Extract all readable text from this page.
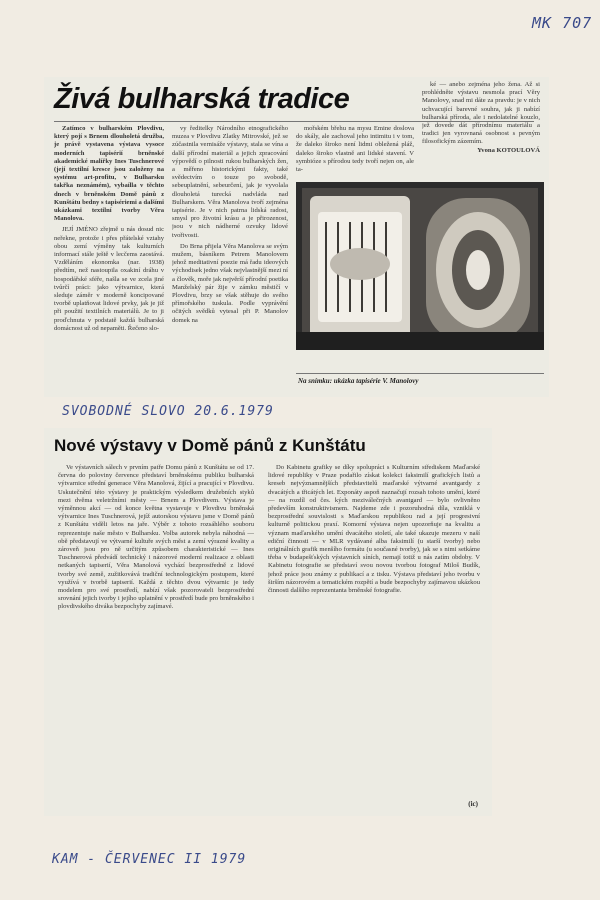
MK 707
Živá bulharská tradice

Zatímco v bulharském Plovdivu, který pojí s Brnem dlouholetá družba, je právě vystavena výstava vysoce moderních tapisérií brněnské akademické malířky Ines Tuschnerové (její textilní kresce jsou založeny na systému art-profitu, v Bulharsku takřka neznámém), vybaílla v těchto dnech v brněnském Domě pánů z Kunštátu bedny s tapisériemi a dalšími ukázkami textilní tvorby Věra Manolova.

JEJÍ JMÉNO zřejmě u nás dosud nic neřekne, protože i přes přátelské vztahy obou zemí výměny tak kulturních informací stále ještě v lecčems zaostává. Vzděláním ekonomka (nar. 1938) předtím, než nastoupila oxakiní dráhu v hospodářské sféře, našla se ve zcela jiné tvůrčí práci: jako výtvarnice, která sleduje záměr v moderně koncipované tvorbě uplatňovat lidové prvky, jak je již při použití textilních materiálů. Je to ji proďchnuta v podstatě každá bulharská domácnost už od nepaměti. Řečeno slo-

vy ředitelky Národního etnografického muzea v Plovdivu Zlatky Mitrovské, jež se zúčastnila vernisáže výstavy, stala se vína a další přírodní materiál a jejich zpracování výpovědí o pilnosti rukou bulharských žen, a měřeno historickými fakty, také svědectvím o touze po svobodě, sebeuplatnění, sebeurčení, jak je vyvolala dlouholetá turecká nadvláda nad Bulharskem. Věra Manolova tvoří zejména tapisérie. Je v nich patrna lidská radost, smysl pro životní krásu a je přirozenost, jsou v nich nádherné ozvuky lidové tvořivosti.

Do Brna přijela Věra Manolova se svým mužem, básníkem Petrem Manolovem jehož meditativní poezie má řadu ideových východisek jedno však nejvlastnější mezi ní a člověk, moře jak nejvěrší přírodní poetika Manželský pár žije v zámku městičí v Plovdivu, brzy se však stěhuje do svého přímořského tuskula. Podle vyprávění očitých svědků vytesal při P. Manolov domek na

mořském břehu na mysu Emine doslova do skály, ale zachoval jeho intimitu i v tom, že daleko široko není lidmi obležená pláž, daleko široko vlastně ani lidské stavení. V symbióze s přírodou tedy tvoří nejen on, ale ta-

ké — anebo zejména jeho žena. Až si prohlédněte výstavu nesmola prací Věry Manolovy, snad mi dáte za pravdu: je v nich uchvacující barevné souhra, jak ji nabízí bulharská příroda, ale i nedolatelné kouzlo, jež dovede dát přírodnímu materiálu a tradici jen vyrovnaná osobnost s pevným filosofickým zázemím.

Yvona KOTOULOVÁ
Na snímku: ukázka tapisérie V. Manolovy
SVOBODNÉ SLOVO 20.6.1979
Nové výstavy v Domě pánů z Kunštátu

Ve výstavních sálech v prvním patře Domu pánů z Kunštátu se od 17. června do poloviny července představí brněnskému publiku bulharská výtvarnice střední generace Věra Manolová, žijící a pracující v Plovdivu. Uskutečnění této výstavy je praktickým výsledkem družebních styků mezi dvěma veletržními městy — Brnem a Plovdivem. Výstava je výměnnou akcí — od konce května vystavuje v Plovdivu brněnská výtvarnice Ines Tuschnerová, jejíž autorskou výstavu jsme v Domě pánů z Kunštátu viděli letos na jaře. Výběr z tohoto rozsáhlého souboru reprezentuje naše město v Bulharsku. Volba autorek nebyla náhodná — obě představují ve výtvarné kultuře svých měst a zemí výrazné kvality a zároveň jsou pro ně určitým způsobem charakteristické — Ines Tuschnerová předvádí technický i názorové moderní realizace z oblasti netkaných tapiserií, Věra Manolová vychází bezprostředně z lidové tvorby své země, zužitkovává tradiční technologickým postupem, které využívá v tvorbě tapiserií. Každá z těchto dvou výtvarnic je tedy modelem pro své prostředí, nabízí však pozorovateli bezprostřední srovnání jejich tvorby i jejího uplatnění v prostředí bude pro brněnského i plovdivského diváka bezpochyby zajímavé.

Do Kabinetu grafiky se díky spolupráci s Kulturním střediskem Maďarské lidové republiky v Praze podařilo získat kolekci faksimilí grafických listů a kreseb nejvýznamnějších představitelů maďarské výtvarné avantgardy z dvacátých a třicátých let. Exponáty aspoň naznačují rozsah tohoto umění, které — na rozdíl od čes. kých meziválečných avantgard — bylo ovlivněno především konstruktivismem. Najdeme zde i pozoruhodná díla, vzniklá v bezprostřední souvislosti s Maďarskou republikou rad a její progresivní kulturně politickou praxí. Komorní výstava nejen upozorňuje na kvalitu a význam maďarského umění dvacátého století, ale také ukazuje mezeru v naší ediční činnosti — v MLR vydávané alba faksimilí (u starší tvorby) nebo originálních grafik menšího formátu (u současné tvorby), jak se s nimi setkáme třeba v budapešťských výstavních síních, nemají totiž u nás zatím obdoby. V Kabinetu fotografie se představí svou novou tvorbou fotograf Miloš Budík, jehož práce jsou známy z publikací a z tisku. Výstava představí jeho tvorbu v širším názorovém a tematickém rozpětí a bude bezpochyby zajímavou ukázkou činnosti dalšího reprezentanta brněnské fotografie.

(ic)
KAM - ČERVENEC II 1979
